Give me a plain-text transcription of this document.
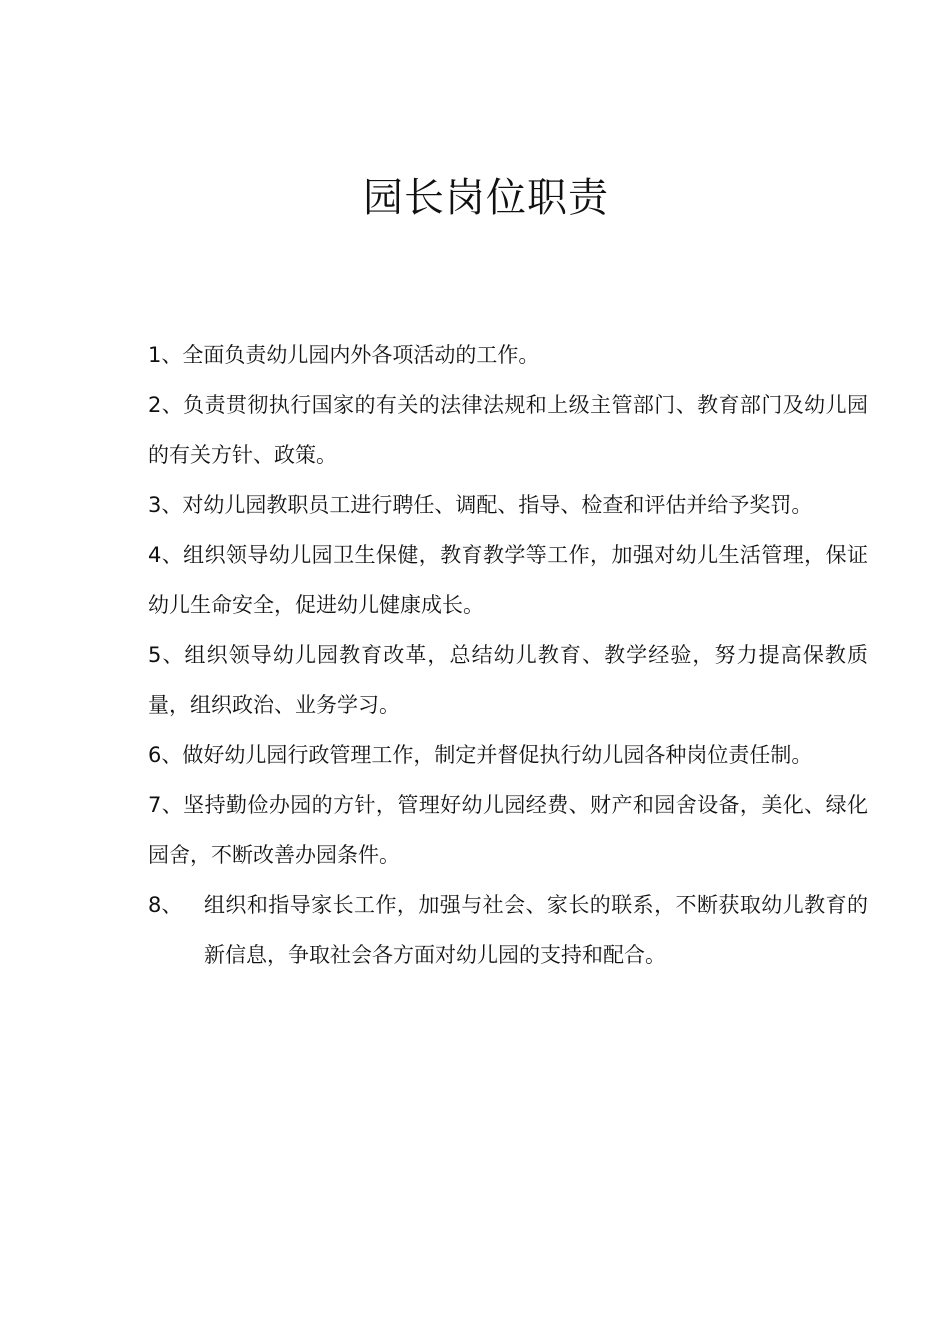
园长岗位职责
1、全面负责幼儿园内外各项活动的工作。
2、负责贯彻执行国家的有关的法律法规和上级主管部门、教育部门及幼儿园的有关方针、政策。
3、对幼儿园教职员工进行聘任、调配、指导、检查和评估并给予奖罚。
4、组织领导幼儿园卫生保健，教育教学等工作，加强对幼儿生活管理，保证幼儿生命安全，促进幼儿健康成长。
5、组织领导幼儿园教育改革，总结幼儿教育、教学经验，努力提高保教质量，组织政治、业务学习。
6、做好幼儿园行政管理工作，制定并督促执行幼儿园各种岗位责任制。
7、坚持勤俭办园的方针，管理好幼儿园经费、财产和园舍设备，美化、绿化园舍，不断改善办园条件。
8、 组织和指导家长工作，加强与社会、家长的联系，不断获取幼儿教育的新信息，争取社会各方面对幼儿园的支持和配合。
